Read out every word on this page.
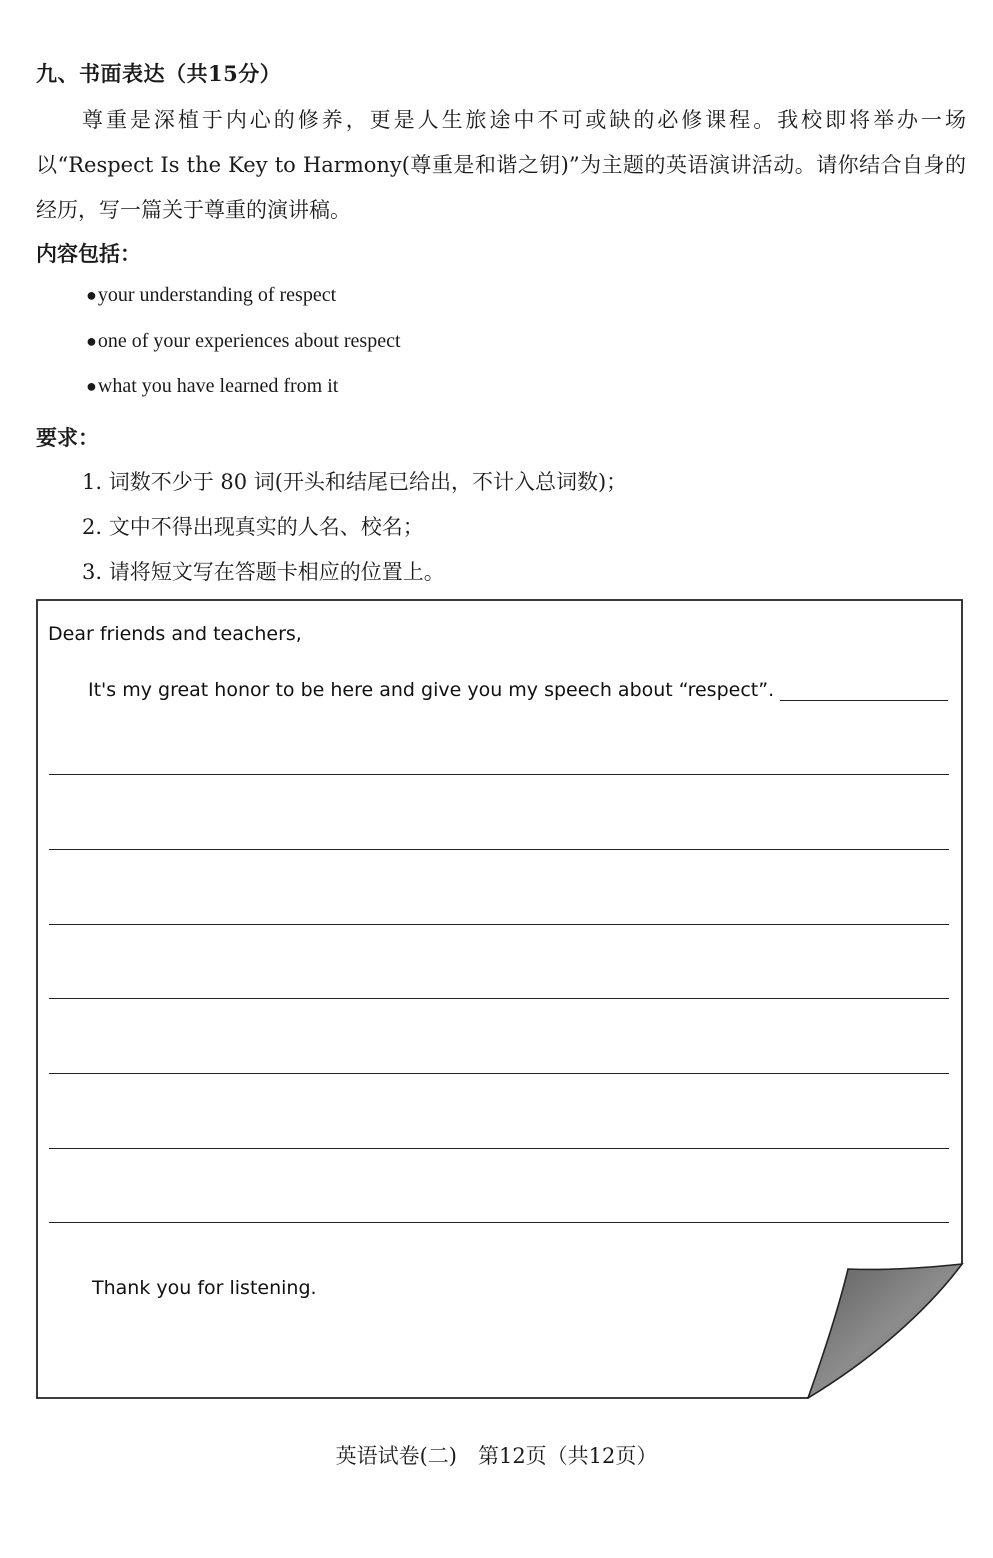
九、书面表达（共15分）
尊重是深植于内心的修养，更是人生旅途中不可或缺的必修课程。我校即将举办一场以“Respect Is the Key to Harmony(尊重是和谐之钥)”为主题的英语演讲活动。请你结合自身的经历，写一篇关于尊重的演讲稿。
内容包括：
●your understanding of respect
●one of your experiences about respect
●what you have learned from it
要求：
1. 词数不少于 80 词(开头和结尾已给出，不计入总词数)；
2. 文中不得出现真实的人名、校名；
3. 请将短文写在答题卡相应的位置上。
Dear friends and teachers,
It's my great honor to be here and give you my speech about “respect”.
Thank you for listening.
英语试卷(二)　第12页（共12页）
